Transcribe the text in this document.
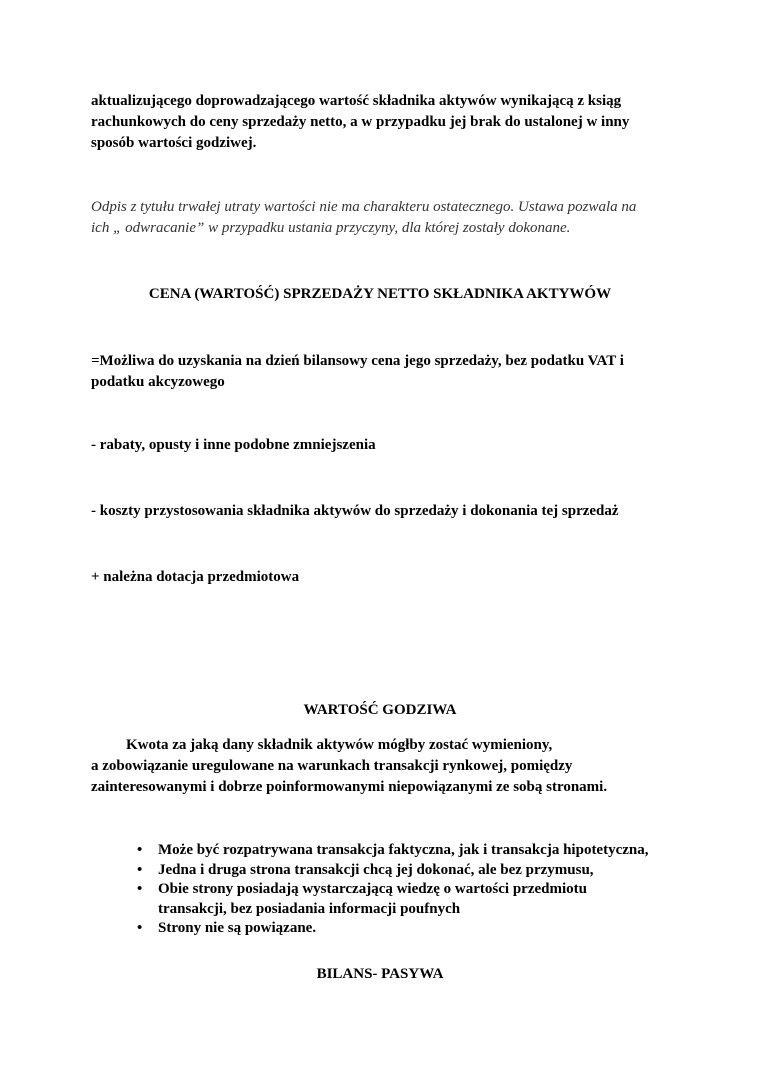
aktualizującego doprowadzającego wartość składnika aktywów wynikającą z ksiąg
rachunkowych do ceny sprzedaży netto, a w przypadku jej brak do ustalonej w inny
sposób wartości godziwej.
Odpis z tytułu trwałej utraty wartości nie ma charakteru ostatecznego. Ustawa pozwala na
ich „ odwracanie” w przypadku ustania przyczyny, dla której zostały dokonane.
CENA (WARTOŚĆ) SPRZEDAŻY NETTO SKŁADNIKA AKTYWÓW
=Możliwa do uzyskania na dzień bilansowy cena jego sprzedaży, bez podatku VAT i
podatku akcyzowego
- rabaty, opusty i inne podobne zmniejszenia
- koszty przystosowania składnika aktywów do sprzedaży i dokonania tej sprzedaż
+ należna dotacja przedmiotowa
WARTOŚĆ GODZIWA
Kwota za jaką dany składnik aktywów mógłby zostać wymieniony,
a zobowiązanie uregulowane na warunkach transakcji rynkowej, pomiędzy
zainteresowanymi i dobrze poinformowanymi niepowiązanymi ze sobą stronami.
• Może być rozpatrywana transakcja faktyczna, jak i transakcja hipotetyczna,
• Jedna i druga strona transakcji chcą jej dokonać, ale bez przymusu,
• Obie strony posiadają wystarczającą wiedzę o wartości przedmiotu
transakcji, bez posiadania informacji poufnych
• Strony nie są powiązane.
BILANS- PASYWA
